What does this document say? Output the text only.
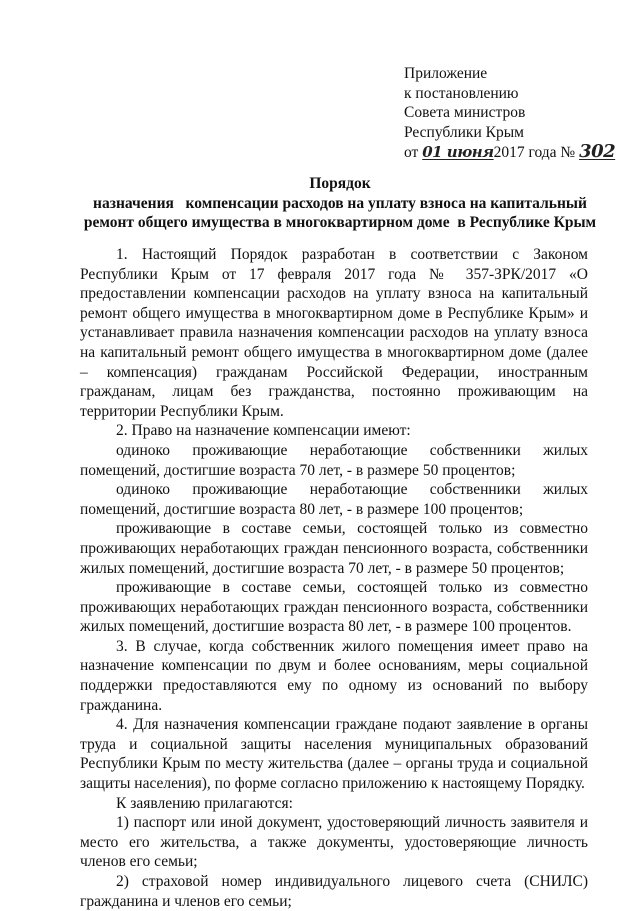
Приложение
к постановлению
Совета министров
Республики Крым
от 01 июня2017 года № 302
Порядок
назначения   компенсации расходов на уплату взноса на капитальный
ремонт общего имущества в многоквартирном доме  в Республике Крым

1. Настоящий Порядок разработан в соответствии с Законом Республики Крым от 17 февраля 2017 года № 357-ЗРК/2017 «О предоставлении компенсации расходов на уплату взноса на капитальный ремонт общего имущества в многоквартирном доме в Республике Крым» и устанавливает правила назначения компенсации расходов на уплату взноса на капитальный ремонт общего имущества в многоквартирном доме (далее – компенсация) гражданам Российской Федерации, иностранным гражданам, лицам без гражданства, постоянно проживающим на территории Республики Крым.

2. Право на назначение компенсации имеют:

одиноко проживающие неработающие собственники жилых помещений, достигшие возраста 70 лет, - в размере 50 процентов;

одиноко проживающие неработающие собственники жилых помещений, достигшие возраста 80 лет, - в размере 100 процентов;

проживающие в составе семьи, состоящей только из совместно проживающих неработающих граждан пенсионного возраста, собственники жилых помещений, достигшие возраста 70 лет, - в размере 50 процентов;

проживающие в составе семьи, состоящей только из совместно проживающих неработающих граждан пенсионного возраста, собственники жилых помещений, достигшие возраста 80 лет, - в размере 100 процентов.

3. В случае, когда собственник жилого помещения имеет право на назначение компенсации по двум и более основаниям, меры социальной поддержки предоставляются ему по одному из оснований по выбору гражданина.

4. Для назначения компенсации граждане подают заявление в органы труда и социальной защиты населения муниципальных образований Республики Крым по месту жительства (далее – органы труда и социальной защиты населения), по форме согласно приложению к настоящему Порядку.

К заявлению прилагаются:

1) паспорт или иной документ, удостоверяющий личность заявителя и место его жительства, а также документы, удостоверяющие личность членов его семьи;

2) страховой номер индивидуального лицевого счета (СНИЛС) гражданина и членов его семьи;
